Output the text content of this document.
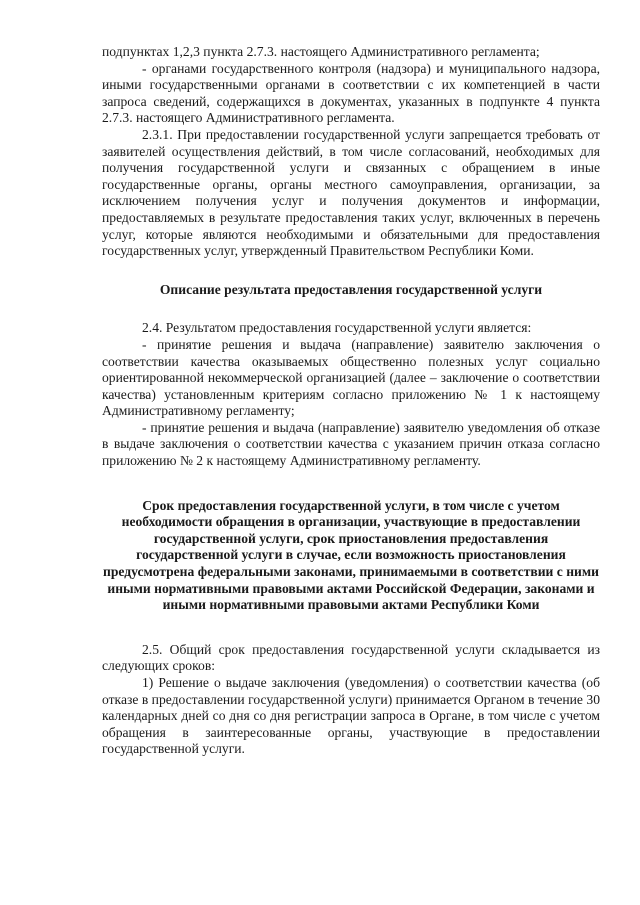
подпунктах 1,2,3 пункта 2.7.3. настоящего Административного регламента;

- органами государственного контроля (надзора) и муниципального надзора, иными государственными органами в соответствии с их компетенцией в части запроса сведений, содержащихся в документах, указанных в подпункте 4 пункта 2.7.3. настоящего Административного регламента.

2.3.1. При предоставлении государственной услуги запрещается требовать от заявителей осуществления действий, в том числе согласований, необходимых для получения государственной услуги и связанных с обращением в иные государственные органы, органы местного самоуправления, организации, за исключением получения услуг и получения документов и информации, предоставляемых в результате предоставления таких услуг, включенных в перечень услуг, которые являются необходимыми и обязательными для предоставления государственных услуг, утвержденный Правительством Республики Коми.

Описание результата предоставления государственной услуги

2.4. Результатом предоставления государственной услуги является:

- принятие решения и выдача (направление) заявителю заключения о соответствии качества оказываемых общественно полезных услуг социально ориентированной некоммерческой организацией (далее – заключение о соответствии качества) установленным критериям согласно приложению № 1 к настоящему Административному регламенту;

- принятие решения и выдача (направление) заявителю уведомления об отказе в выдаче заключения о соответствии качества с указанием причин отказа согласно приложению № 2 к настоящему Административному регламенту.

Срок предоставления государственной услуги, в том числе с учетом необходимости обращения в организации, участвующие в предоставлении государственной услуги, срок приостановления предоставления государственной услуги в случае, если возможность приостановления предусмотрена федеральными законами, принимаемыми в соответствии с ними иными нормативными правовыми актами Российской Федерации, законами и иными нормативными правовыми актами Республики Коми

2.5. Общий срок предоставления государственной услуги складывается из следующих сроков:

1) Решение о выдаче заключения (уведомления) о соответствии качества (об отказе в предоставлении государственной услуги) принимается Органом в течение 30 календарных дней со дня со дня регистрации запроса в Органе, в том числе с учетом обращения в заинтересованные органы, участвующие в предоставлении государственной услуги.
